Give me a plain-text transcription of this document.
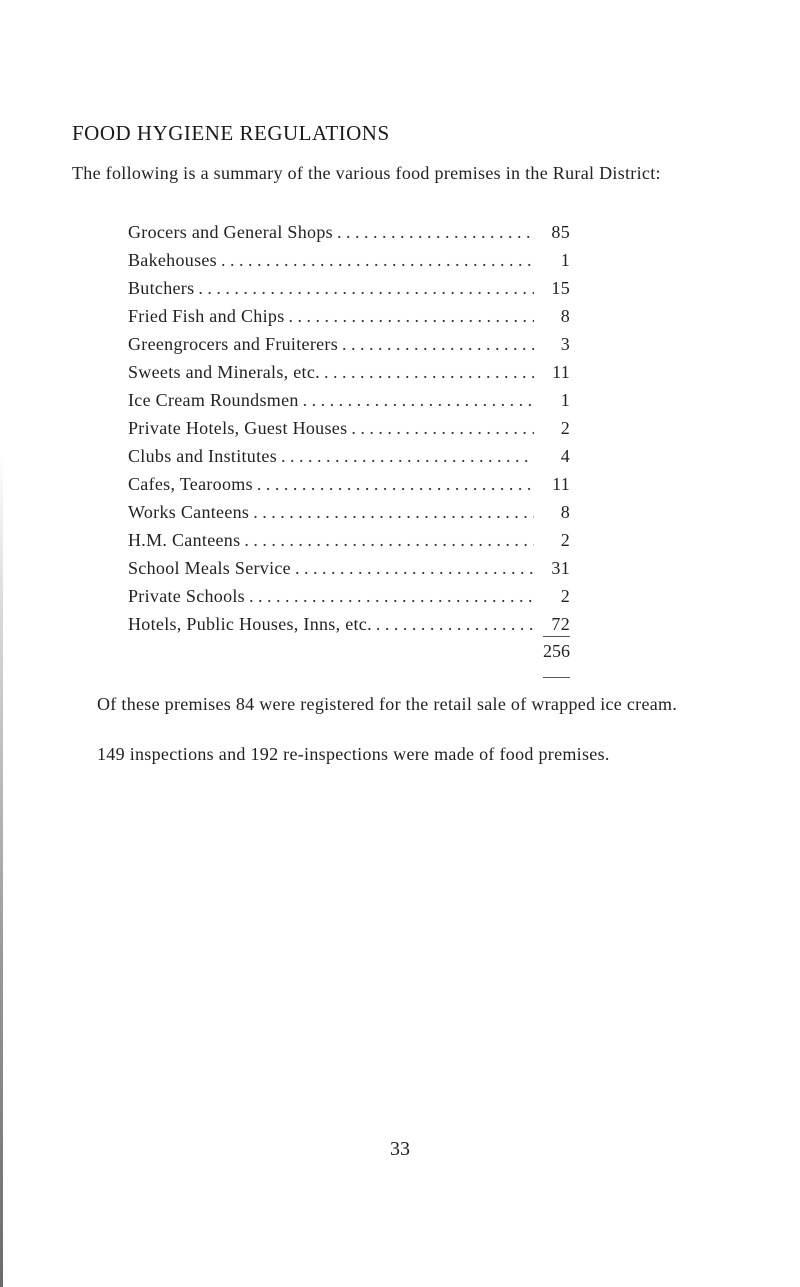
FOOD HYGIENE REGULATIONS

The following is a summary of the various food premises in the Rural District:

Grocers and General Shops . . .	85
Bakehouses . . .	1
Butchers . . .	15
Fried Fish and Chips . . .	8
Greengrocers and Fruiterers . . .	3
Sweets and Minerals, etc. . . .	11
Ice Cream Roundsmen . . .	1
Private Hotels, Guest Houses . . .	2
Clubs and Institutes . . .	4
Cafes, Tearooms . . .	11
Works Canteens . . .	8
H.M. Canteens . . .	2
School Meals Service . . .	31
Private Schools . . .	2
Hotels, Public Houses, Inns, etc. . . .	72
256

Of these premises 84 were registered for the retail sale of wrapped ice cream.

149 inspections and 192 re-inspections were made of food premises.

33
